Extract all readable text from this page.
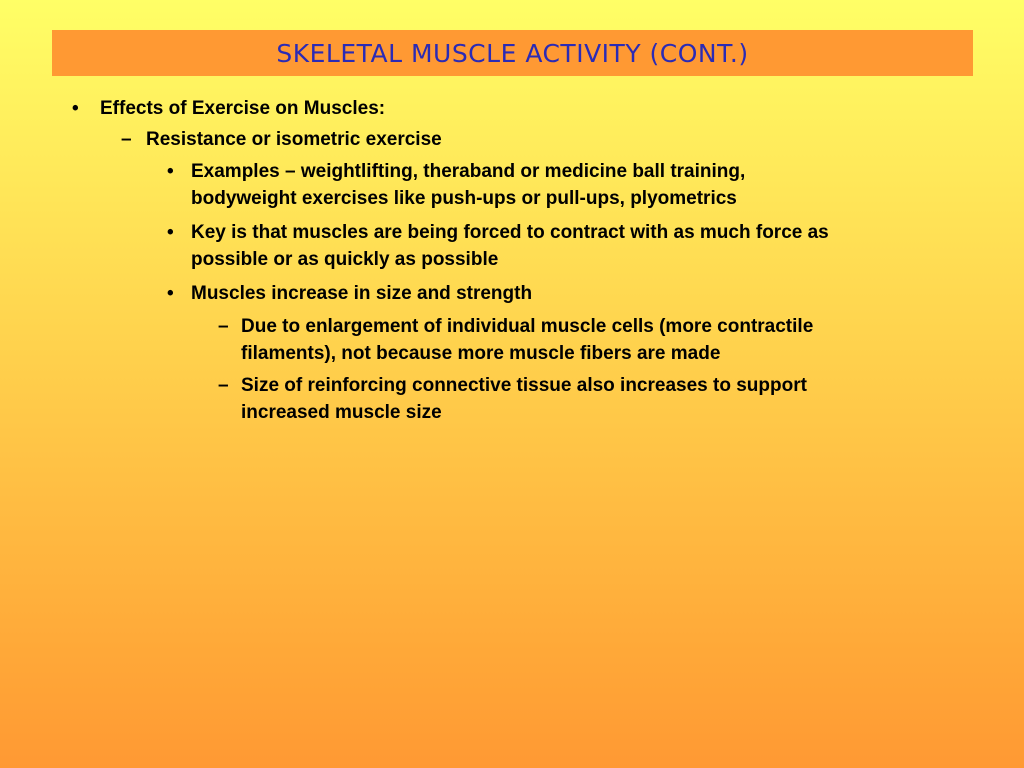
SKELETAL MUSCLE ACTIVITY (CONT.)
• Effects of Exercise on Muscles:
– Resistance or isometric exercise
• Examples – weightlifting, theraband or medicine ball training,
bodyweight exercises like push-ups or pull-ups, plyometrics
• Key is that muscles are being forced to contract with as much force as
possible or as quickly as possible
• Muscles increase in size and strength
– Due to enlargement of individual muscle cells (more contractile
filaments), not because more muscle fibers are made
– Size of reinforcing connective tissue also increases to support
increased muscle size
